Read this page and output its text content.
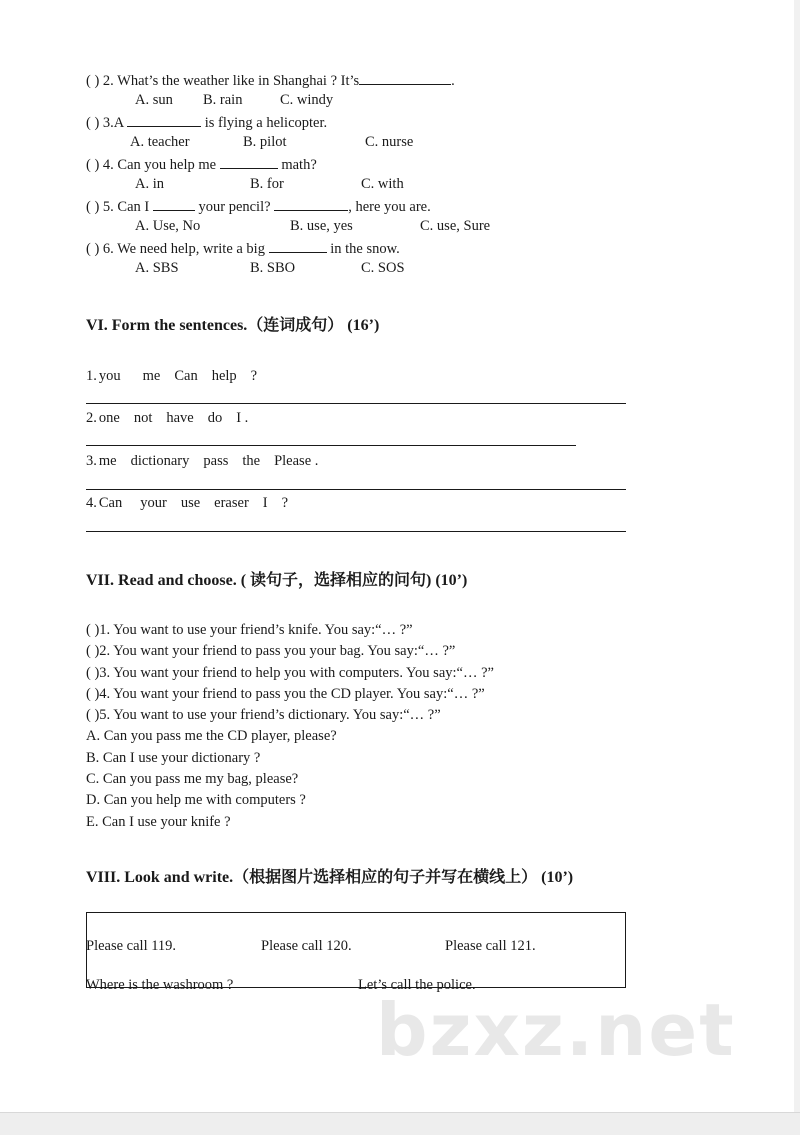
( ) 2. What’s the weather like in Shanghai ? It’s	.
A. sun B. rain	C. windy
( ) 3.A	is flying a helicopter.
A. teacher	B. pilot	C. nurse
( ) 4. Can you help me	math?
A. in	B. for	C. with
( ) 5. Can I	your pencil?	, here you are.
A. Use, No	B. use, yes	C. use, Sure
( ) 6. We need help, write a big	in the snow.
A. SBS	B. SBO	C. SOS
VI. Form the sentences.（连词成句） (16’)
1. you me Can help ?
2. one not have do I .
3. me dictionary pass the Please .
4. Can your use eraser I ?
VII. Read and choose. ( 读句子，选择相应的问句) (10’)
( )1. You want to use your friend’s knife. You say:“… ?”
( )2. You want your friend to pass you your bag. You say:“… ?”
( )3. You want your friend to help you with computers. You say:“… ?”
( )4. You want your friend to pass you the CD player. You say:“… ?”
( )5. You want to use your friend’s dictionary. You say:“… ?”
A. Can you pass me the CD player, please?
B. Can I use your dictionary ?
C. Can you pass me my bag, please?
D. Can you help me with computers ?
E. Can I use your knife ?
VIII. Look and write.（根据图片选择相应的句子并写在横线上） (10’)
Please call 119.	Please call 120.	Please call 121.
Where is the washroom ?	Let’s call the police.
bzxz.net
